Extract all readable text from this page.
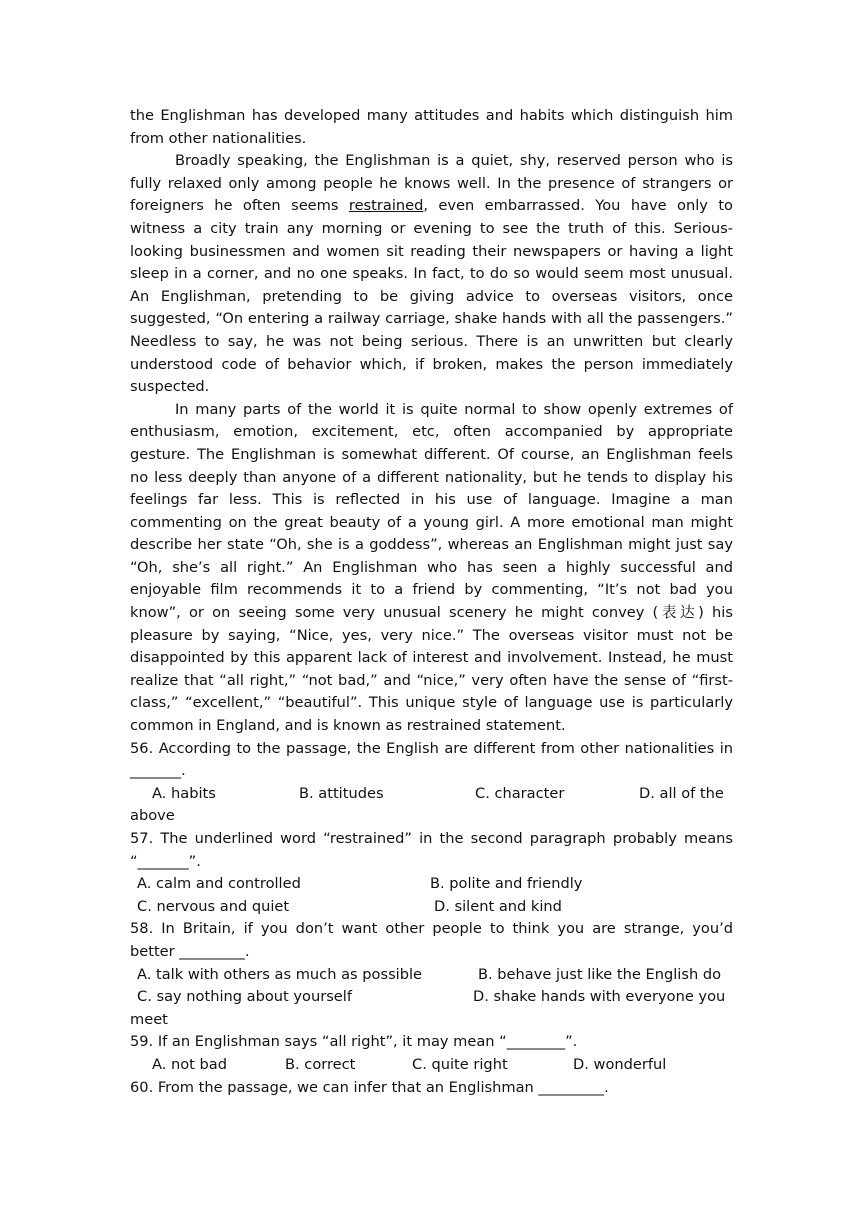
the Englishman has developed many attitudes and habits which distinguish him from other nationalities.

Broadly speaking, the Englishman is a quiet, shy, reserved person who is fully relaxed only among people he knows well. In the presence of strangers or foreigners he often seems restrained, even embarrassed. You have only to witness a city train any morning or evening to see the truth of this. Serious-looking businessmen and women sit reading their newspapers or having a light sleep in a corner, and no one speaks. In fact, to do so would seem most unusual. An Englishman, pretending to be giving advice to overseas visitors, once suggested, “On entering a railway carriage, shake hands with all the passengers.” Needless to say, he was not being serious. There is an unwritten but clearly understood code of behavior which, if broken, makes the person immediately suspected.

In many parts of the world it is quite normal to show openly extremes of enthusiasm, emotion, excitement, etc, often accompanied by appropriate gesture. The Englishman is somewhat different. Of course, an Englishman feels no less deeply than anyone of a different nationality, but he tends to display his feelings far less. This is reflected in his use of language. Imagine a man commenting on the great beauty of a young girl. A more emotional man might describe her state “Oh, she is a goddess”, whereas an Englishman might just say “Oh, she’s all right.” An Englishman who has seen a highly successful and enjoyable film recommends it to a friend by commenting, “It’s not bad you know”, or on seeing some very unusual scenery he might convey (表达) his pleasure by saying, “Nice, yes, very nice.” The overseas visitor must not be disappointed by this apparent lack of interest and involvement. Instead, he must realize that “all right,” “not bad,” and “nice,” very often have the sense of “first-class,” “excellent,” “beautiful”. This unique style of language use is particularly common in England, and is known as restrained statement.

56. According to the passage, the English are different from other nationalities in _______.

A. habits	B. attitudes	C. character	D. all of the

above

57. The underlined word “restrained” in the second paragraph probably means “_______”.

A. calm and controlled	B. polite and friendly
C. nervous and quiet	D. silent and kind

58. In Britain, if you don’t want other people to think you are strange, you’d better _________.

A. talk with others as much as possible	B. behave just like the English do
C. say nothing about yourself	D. shake hands with everyone you

meet

59. If an Englishman says “all right”, it may mean “________”.

A. not bad	B. correct	C. quite right	D. wonderful

60. From the passage, we can infer that an Englishman _________.
